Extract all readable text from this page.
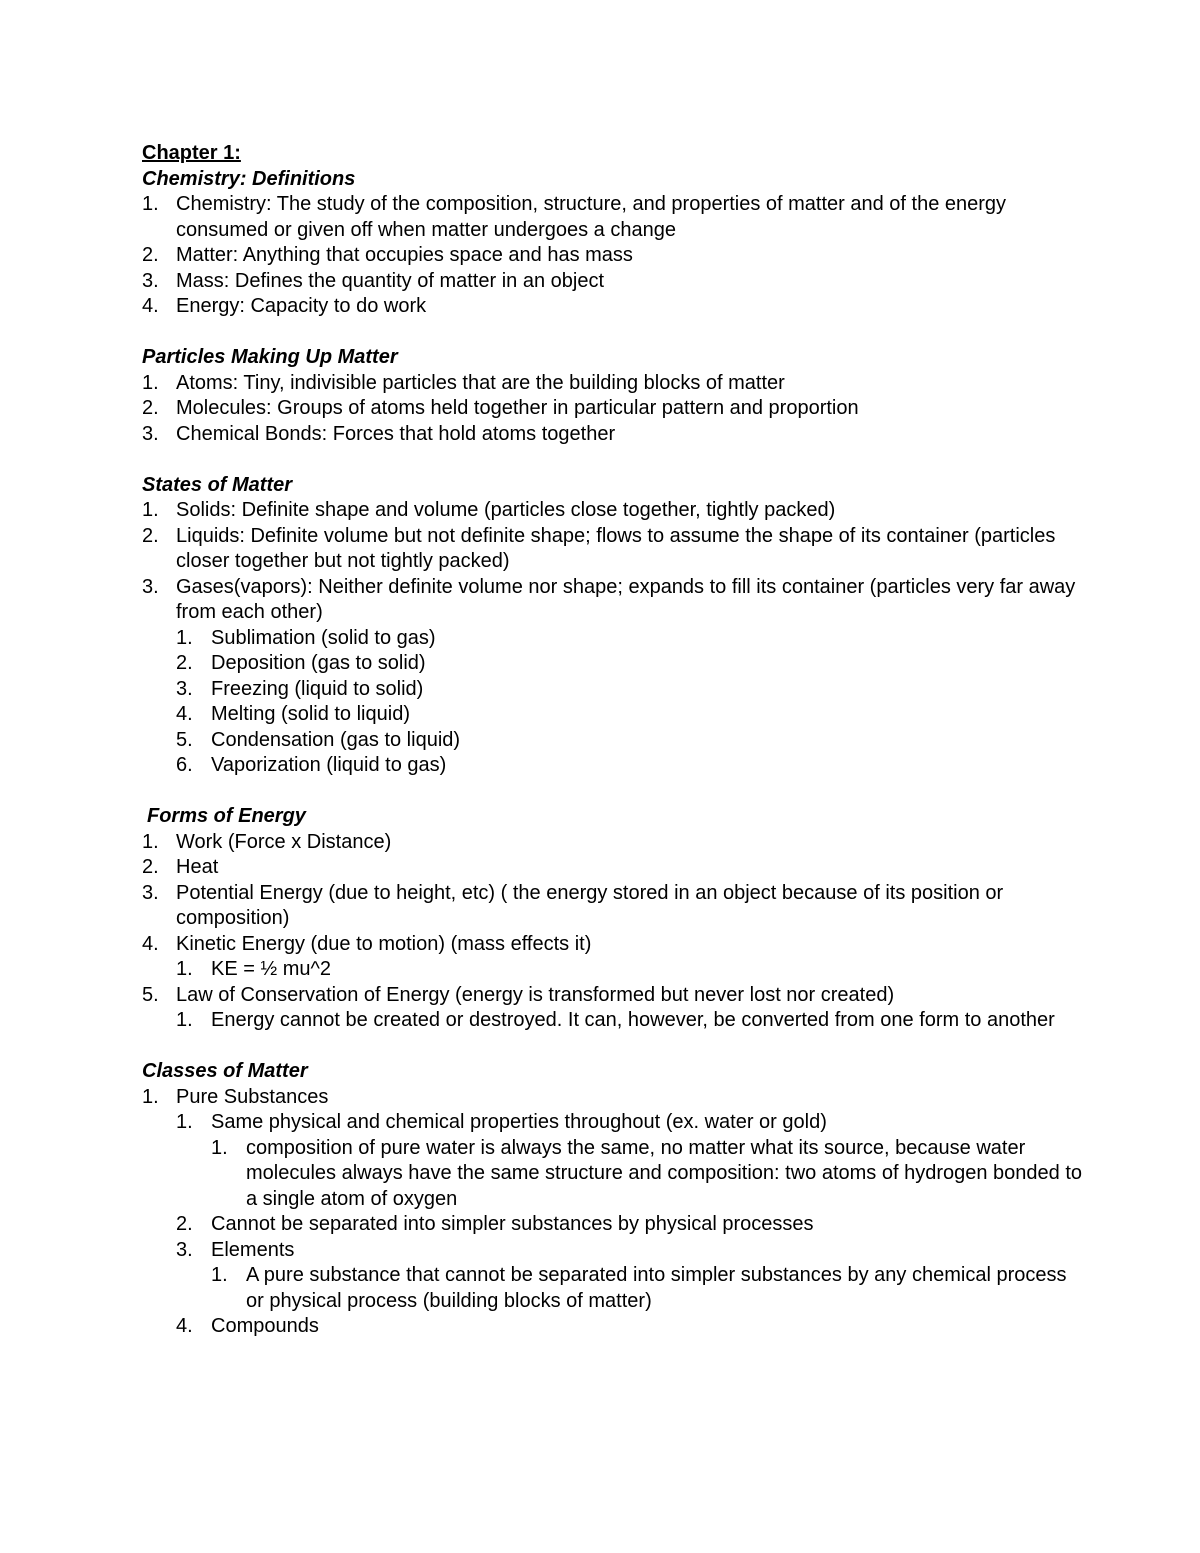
Chapter 1:
Chemistry: Definitions
1. Chemistry: The study of the composition, structure, and properties of matter and of the energy consumed or given off when matter undergoes a change
2. Matter: Anything that occupies space and has mass
3. Mass: Defines the quantity of matter in an object
4. Energy: Capacity to do work
Particles Making Up Matter
1. Atoms: Tiny, indivisible particles that are the building blocks of matter
2. Molecules: Groups of atoms held together in particular pattern and proportion
3. Chemical Bonds: Forces that hold atoms together
States of Matter
1. Solids: Definite shape and volume (particles close together, tightly packed)
2. Liquids: Definite volume but not definite shape; flows to assume the shape of its container (particles closer together but not tightly packed)
3. Gases(vapors): Neither definite volume nor shape; expands to fill its container (particles very far away from each other)
1. Sublimation (solid to gas)
2. Deposition (gas to solid)
3. Freezing (liquid to solid)
4. Melting (solid to liquid)
5. Condensation (gas to liquid)
6. Vaporization (liquid to gas)
Forms of Energy
1. Work (Force x Distance)
2. Heat
3. Potential Energy (due to height, etc) ( the energy stored in an object because of its position or composition)
4. Kinetic Energy (due to motion) (mass effects it)
1. KE = ½ mu^2
5. Law of Conservation of Energy (energy is transformed but never lost nor created)
1. Energy cannot be created or destroyed. It can, however, be converted from one form to another
Classes of Matter
1. Pure Substances
1. Same physical and chemical properties throughout (ex. water or gold)
1. composition of pure water is always the same, no matter what its source, because water molecules always have the same structure and composition: two atoms of hydrogen bonded to a single atom of oxygen
2. Cannot be separated into simpler substances by physical processes
3. Elements
1. A pure substance that cannot be separated into simpler substances by any chemical process or physical process (building blocks of matter)
4. Compounds
